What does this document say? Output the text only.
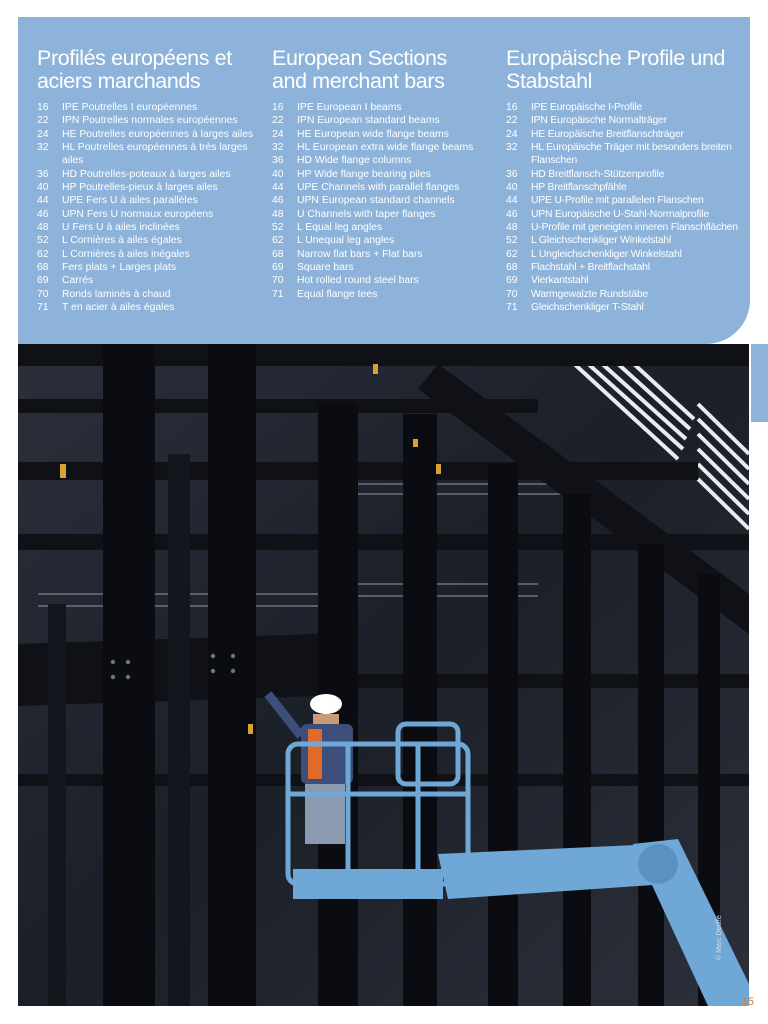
Profilés européens et
aciers marchands
16	IPE Poutrelles I européennes
22	IPN Poutrelles normales européennes
24	HE Poutrelles européennes à larges ailes
32	HL Poutrelles européennes à très larges ailes
36	HD Poutrelles-poteaux à larges ailes
40	HP Poutrelles-pieux à larges ailes
44	UPE Fers U à ailes parallèles
46	UPN Fers U normaux européens
48	U Fers U à ailes inclinées
52	L Cornières à ailes égales
62	L Cornières à ailes inégales
68	Fers plats + Larges plats
69	Carrés
70	Ronds laminés à chaud
71	T en acier à ailes égales
European Sections
and merchant bars
16	IPE European I beams
22	IPN European standard beams
24	HE European wide flange beams
32	HL European extra wide flange beams
36	HD Wide flange columns
40	HP Wide flange bearing piles
44	UPE Channels with parallel flanges
46	UPN European standard channels
48	U Channels with taper flanges
52	L Equal leg angles
62	L Unequal leg angles
68	Narrow flat bars + Flat bars
69	Square bars
70	Hot rolled round steel bars
71	Equal flange tees
Europäische Profile und
Stabstahl
16	IPE Europäische I-Profile
22	IPN Europäische Normalträger
24	HE Europäische Breitflanschträger
32	HL Europäische Träger mit besonders breiten Flanschen
36	HD Breitflansch-Stützenprofile
40	HP Breitflanschpfähle
44	UPE U-Profile mit parallelen Flanschen
46	UPN Europäische U-Stahl-Normalprofile
48	U-Profile mit geneigten inneren Flanschflächen
52	L Gleichschenkliger Winkelstahl
62	L Ungleichschenkliger Winkelstahl
68	Flachstahl + Breitflachstahl
69	Vierkantstahl
70	Warmgewalzte Rundstäbe
71	Gleichschenkliger T-Stahl
© Marc Detiffe
15
